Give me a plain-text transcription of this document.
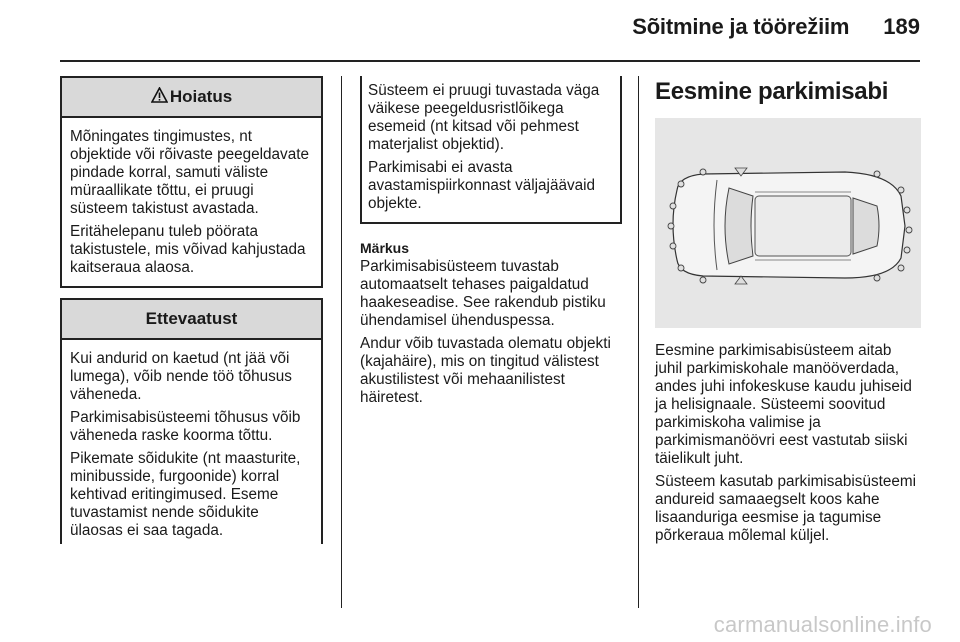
Sõitmine ja töörežiim 189
Hoiatus

Mõningates tingimustes, nt objektide või rõivaste peegeldavate pindade korral, samuti väliste müraallikate tõttu, ei pruugi süsteem takistust avastada.

Eritähelepanu tuleb pöörata takistustele, mis võivad kahjustada kaitseraua alaosa.

Ettevaatust

Kui andurid on kaetud (nt jää või lumega), võib nende töö tõhusus väheneda.

Parkimisabisüsteemi tõhusus võib väheneda raske koorma tõttu.

Pikemate sõidukite (nt maasturite, minibusside, furgoonide) korral kehtivad eritingimused. Eseme tuvastamist nende sõidukite ülaosas ei saa tagada.

Süsteem ei pruugi tuvastada väga väikese peegeldusristlõikega esemeid (nt kitsad või pehmest materjalist objektid).

Parkimisabi ei avasta avastamispiirkonnast väljajäävaid objekte.

Märkus

Parkimisabisüsteem tuvastab automaatselt tehases paigaldatud haakeseadise. See rakendub pistiku ühendamisel ühenduspessa.

Andur võib tuvastada olematu objekti (kajahäire), mis on tingitud välistest akustilistest või mehaanilistest häiretest.

Eesmine parkimisabi

Eesmine parkimisabisüsteem aitab juhil parkimiskohale manööverdada, andes juhi infokeskuse kaudu juhiseid ja helisignaale. Süsteemi soovitud parkimiskoha valimise ja parkimismanöövri eest vastutab siiski täielikult juht.

Süsteem kasutab parkimisabisüsteemi andureid samaaegselt koos kahe lisaanduriga eesmise ja tagumise põrkeraua mõlemal küljel.

carmanualsonline.info
